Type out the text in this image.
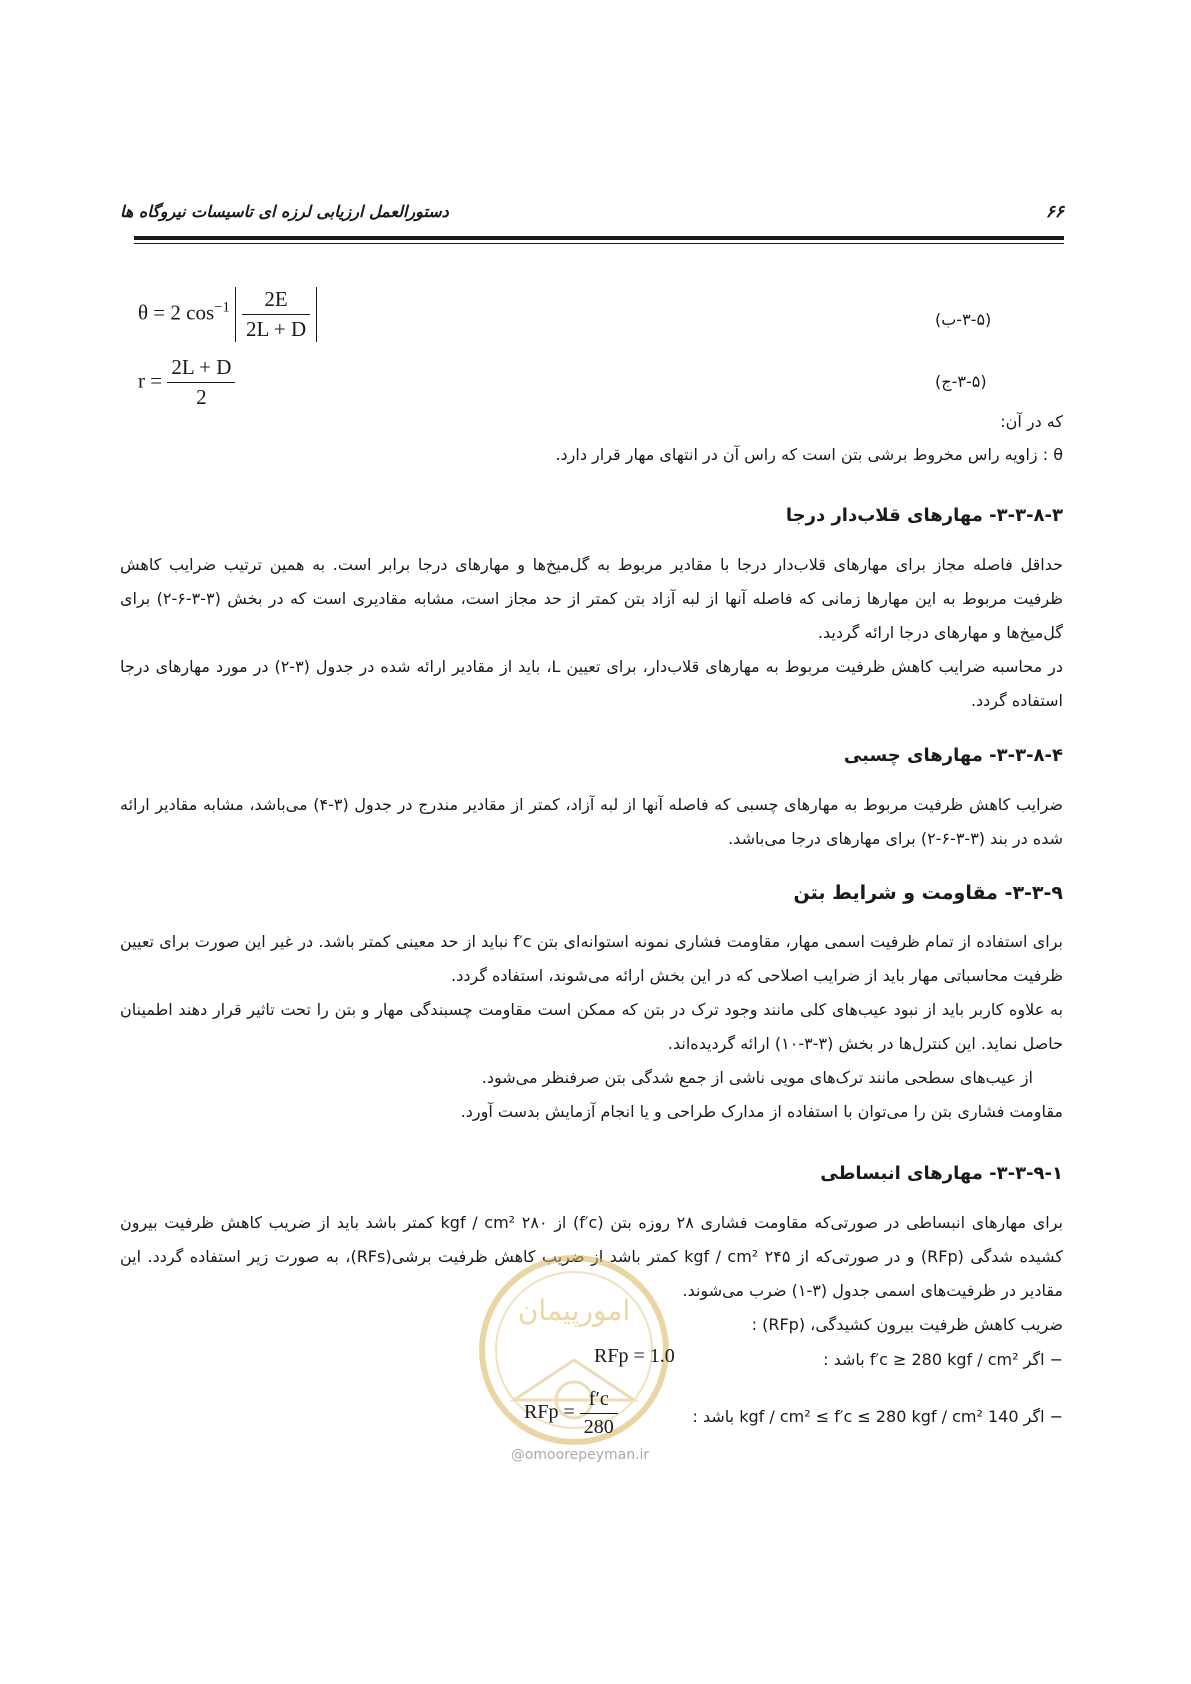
۶۶
دستورالعمل ارزیابی لرزه ای تاسیسات نیروگاه ها
θ = 2 $\cos^{-1} \frac{2E}{2L + D}$	(۳-۵-ب)
$r = \frac{2L + D}{2}$	(۳-۵-ج)
که در آن:
θ : زاویه راس مخروط برشی بتن است که راس آن در انتهای مهار قرار دارد.
۳-۳-۸-۳- مهارهای قلاب‌دار درجا
حداقل فاصله مجاز برای مهارهای قلاب‌دار درجا با مقادیر مربوط به گل‌میخ‌ها و مهارهای درجا برابر است. به همین ترتیب ضرایب کاهش ظرفیت مربوط به این مهارها زمانی که فاصله آنها از لبه آزاد بتن کمتر از حد مجاز است، مشابه مقادیری است که در بخش (۳-۳-۶-۲) برای گل‌میخ‌ها و مهارهای درجا ارائه گردید.
در محاسبه ضرایب کاهش ظرفیت مربوط به مهارهای قلاب‌دار، برای تعیین L، باید از مقادیر ارائه شده در جدول (۳-۲) در مورد مهارهای درجا استفاده گردد.
۳-۳-۸-۴- مهارهای چسبی
ضرایب کاهش ظرفیت مربوط به مهارهای چسبی که فاصله آنها از لبه آزاد، کمتر از مقادیر مندرج در جدول (۳-۴) می‌باشد، مشابه مقادیر ارائه شده در بند (۳-۳-۶-۲) برای مهارهای درجا می‌باشد.
۳-۳-۹- مقاومت و شرایط بتن
برای استفاده از تمام ظرفیت اسمی مهار، مقاومت فشاری نمونه استوانه‌ای بتن f′c نباید از حد معینی کمتر باشد. در غیر این صورت برای تعیین ظرفیت محاسباتی مهار باید از ضرایب اصلاحی که در این بخش ارائه می‌شوند، استفاده گردد.
به علاوه کاربر باید از نبود عیب‌های کلی مانند وجود ترک در بتن که ممکن است مقاومت چسبندگی مهار و بتن را تحت تاثیر قرار دهند اطمینان حاصل نماید. این کنترل‌ها در بخش (۳-۳-۱۰) ارائه گردیده‌اند.
از عیب‌های سطحی مانند ترک‌های مویی ناشی از جمع شدگی بتن صرفنظر می‌شود.
مقاومت فشاری بتن را می‌توان با استفاده از مدارک طراحی و یا انجام آزمایش بدست آورد.
۳-۳-۹-۱- مهارهای انبساطی
برای مهارهای انبساطی در صورتی‌که مقاومت فشاری ۲۸ روزه بتن (f′c) از ۲۸۰ kgf / cm² کمتر باشد باید از ضریب کاهش ظرفیت بیرون کشیده شدگی (RFp) و در صورتی‌که از ۲۴۵ kgf / cm² کمتر باشد از ضریب کاهش ظرفیت برشی(RFs)، به صورت زیر استفاده گردد. این مقادیر در ظرفیت‌های اسمی جدول (۳-۱) ضرب می‌شوند.
ضریب کاهش ظرفیت بیرون کشیدگی، (RFp) :
امورپیمان
− اگر f′c ≥ 280 kgf / cm² باشد :
RFp = 1.0
− اگر 140 kgf / cm² ≤ f′c ≤ 280 kgf / cm² باشد :
RFp = $\frac{f'c}{280}$
@omoorepeyman.ir
